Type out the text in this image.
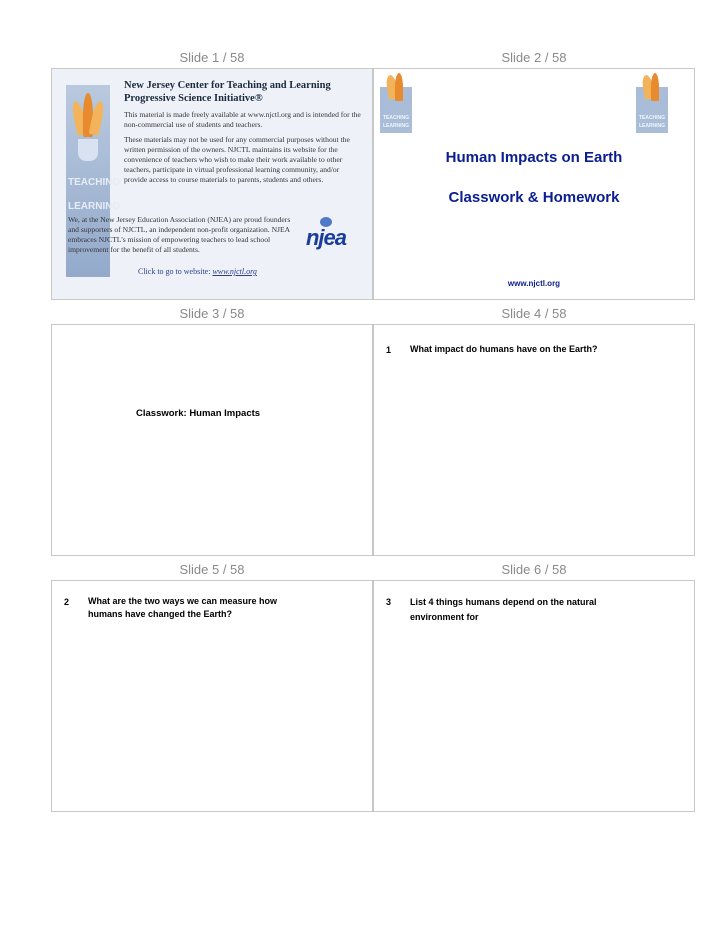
Slide 1 / 58	Slide 2 / 58
Slide 3 / 58	Slide 4 / 58
Slide 5 / 58	Slide 6 / 58
TEACHING
LEARNING
New Jersey Center for Teaching and Learning
Progressive Science Initiative®
This material is made freely available at www.njctl.org and is intended for the non-commercial use of students and teachers.
These materials may not be used for any commercial purposes without the written permission of the owners. NJCTL maintains its website for the convenience of teachers who wish to make their work available to other teachers, participate in virtual professional learning community, and/or provide access to course materials to parents, students and others.
We, at the New Jersey Education Association (NJEA) are proud founders and supporters of NJCTL, an independent non-profit organization. NJEA embraces NJCTL's mission of empowering teachers to lead school improvement for the benefit of all students.	njea
Click to go to website: www.njctl.org
TEACHING
LEARNING
TEACHING
LEARNING
Human Impacts on Earth
Classwork & Homework
www.njctl.org
Classwork: Human Impacts
1 What impact do humans have on the Earth?
2 What are the two ways we can measure how
humans have changed the Earth?
3 List 4 things humans depend on the natural
environment for
